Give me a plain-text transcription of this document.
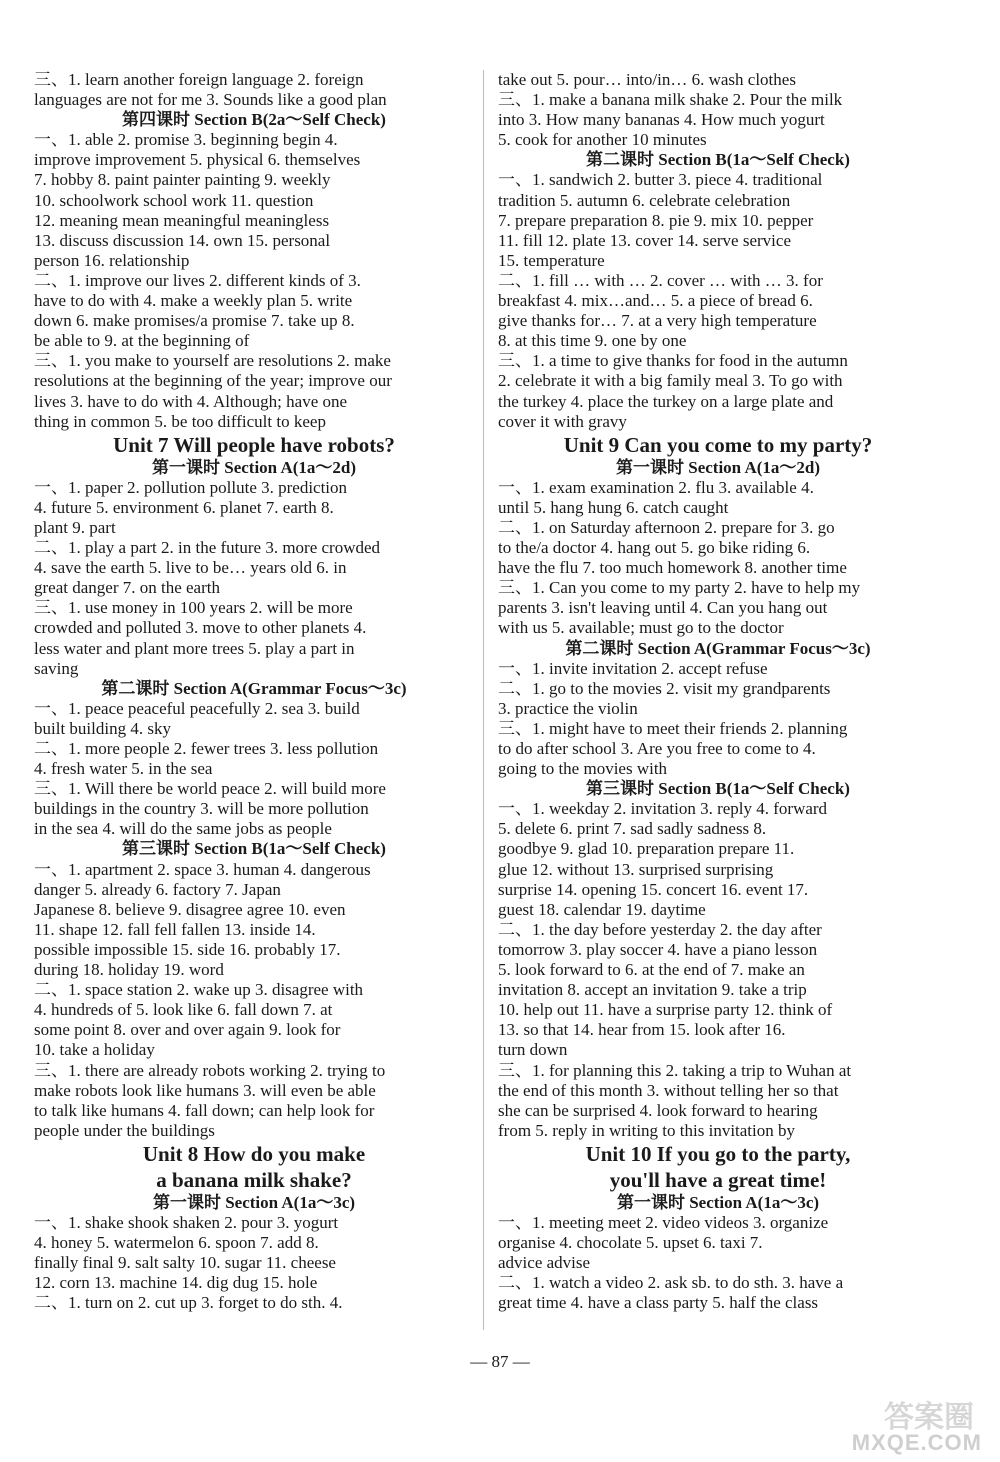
三、1. learn another foreign language 2. foreign
languages are not for me 3. Sounds like a good plan
第四课时 Section B(2a～Self Check)
一、1. able 2. promise 3. beginning begin 4.
improve improvement 5. physical 6. themselves
7. hobby 8. paint painter painting 9. weekly
10. schoolwork school work 11. question
12. meaning mean meaningful meaningless
13. discuss discussion 14. own 15. personal
person 16. relationship
二、1. improve our lives 2. different kinds of 3.
have to do with 4. make a weekly plan 5. write
down 6. make promises/a promise 7. take up 8.
be able to 9. at the beginning of
三、1. you make to yourself are resolutions 2. make
resolutions at the beginning of the year; improve our
lives 3. have to do with 4. Although; have one
thing in common 5. be too difficult to keep
Unit 7 Will people have robots?
第一课时 Section A(1a～2d)
一、1. paper 2. pollution pollute 3. prediction
4. future 5. environment 6. planet 7. earth 8.
plant 9. part
二、1. play a part 2. in the future 3. more crowded
4. save the earth 5. live to be… years old 6. in
great danger 7. on the earth
三、1. use money in 100 years 2. will be more
crowded and polluted 3. move to other planets 4.
less water and plant more trees 5. play a part in
saving
第二课时 Section A(Grammar Focus～3c)
一、1. peace peaceful peacefully 2. sea 3. build
built building 4. sky
二、1. more people 2. fewer trees 3. less pollution
4. fresh water 5. in the sea
三、1. Will there be world peace 2. will build more
buildings in the country 3. will be more pollution
in the sea 4. will do the same jobs as people
第三课时 Section B(1a～Self Check)
一、1. apartment 2. space 3. human 4. dangerous
danger 5. already 6. factory 7. Japan
Japanese 8. believe 9. disagree agree 10. even
11. shape 12. fall fell fallen 13. inside 14.
possible impossible 15. side 16. probably 17.
during 18. holiday 19. word
二、1. space station 2. wake up 3. disagree with
4. hundreds of 5. look like 6. fall down 7. at
some point 8. over and over again 9. look for
10. take a holiday
三、1. there are already robots working 2. trying to
make robots look like humans 3. will even be able
to talk like humans 4. fall down; can help look for
people under the buildings
Unit 8 How do you make
a banana milk shake?
第一课时 Section A(1a～3c)
一、1. shake shook shaken 2. pour 3. yogurt
4. honey 5. watermelon 6. spoon 7. add 8.
finally final 9. salt salty 10. sugar 11. cheese
12. corn 13. machine 14. dig dug 15. hole
二、1. turn on 2. cut up 3. forget to do sth. 4.
take out 5. pour… into/in… 6. wash clothes
三、1. make a banana milk shake 2. Pour the milk
into 3. How many bananas 4. How much yogurt
5. cook for another 10 minutes
第二课时 Section B(1a～Self Check)
一、1. sandwich 2. butter 3. piece 4. traditional
tradition 5. autumn 6. celebrate celebration
7. prepare preparation 8. pie 9. mix 10. pepper
11. fill 12. plate 13. cover 14. serve service
15. temperature
二、1. fill … with … 2. cover … with … 3. for
breakfast 4. mix…and… 5. a piece of bread 6.
give thanks for… 7. at a very high temperature
8. at this time 9. one by one
三、1. a time to give thanks for food in the autumn
2. celebrate it with a big family meal 3. To go with
the turkey 4. place the turkey on a large plate and
cover it with gravy
Unit 9 Can you come to my party?
第一课时 Section A(1a～2d)
一、1. exam examination 2. flu 3. available 4.
until 5. hang hung 6. catch caught
二、1. on Saturday afternoon 2. prepare for 3. go
to the/a doctor 4. hang out 5. go bike riding 6.
have the flu 7. too much homework 8. another time
三、1. Can you come to my party 2. have to help my
parents 3. isn't leaving until 4. Can you hang out
with us 5. available; must go to the doctor
第二课时 Section A(Grammar Focus～3c)
一、1. invite invitation 2. accept refuse
二、1. go to the movies 2. visit my grandparents
3. practice the violin
三、1. might have to meet their friends 2. planning
to do after school 3. Are you free to come to 4.
going to the movies with
第三课时 Section B(1a～Self Check)
一、1. weekday 2. invitation 3. reply 4. forward
5. delete 6. print 7. sad sadly sadness 8.
goodbye 9. glad 10. preparation prepare 11.
glue 12. without 13. surprised surprising
surprise 14. opening 15. concert 16. event 17.
guest 18. calendar 19. daytime
二、1. the day before yesterday 2. the day after
tomorrow 3. play soccer 4. have a piano lesson
5. look forward to 6. at the end of 7. make an
invitation 8. accept an invitation 9. take a trip
10. help out 11. have a surprise party 12. think of
13. so that 14. hear from 15. look after 16.
turn down
三、1. for planning this 2. taking a trip to Wuhan at
the end of this month 3. without telling her so that
she can be surprised 4. look forward to hearing
from 5. reply in writing to this invitation by
Unit 10 If you go to the party,
you'll have a great time!
第一课时 Section A(1a～3c)
一、1. meeting meet 2. video videos 3. organize
organise 4. chocolate 5. upset 6. taxi 7.
advice advise
二、1. watch a video 2. ask sb. to do sth. 3. have a
great time 4. have a class party 5. half the class
— 87 —
答案圈
MXQE.COM
